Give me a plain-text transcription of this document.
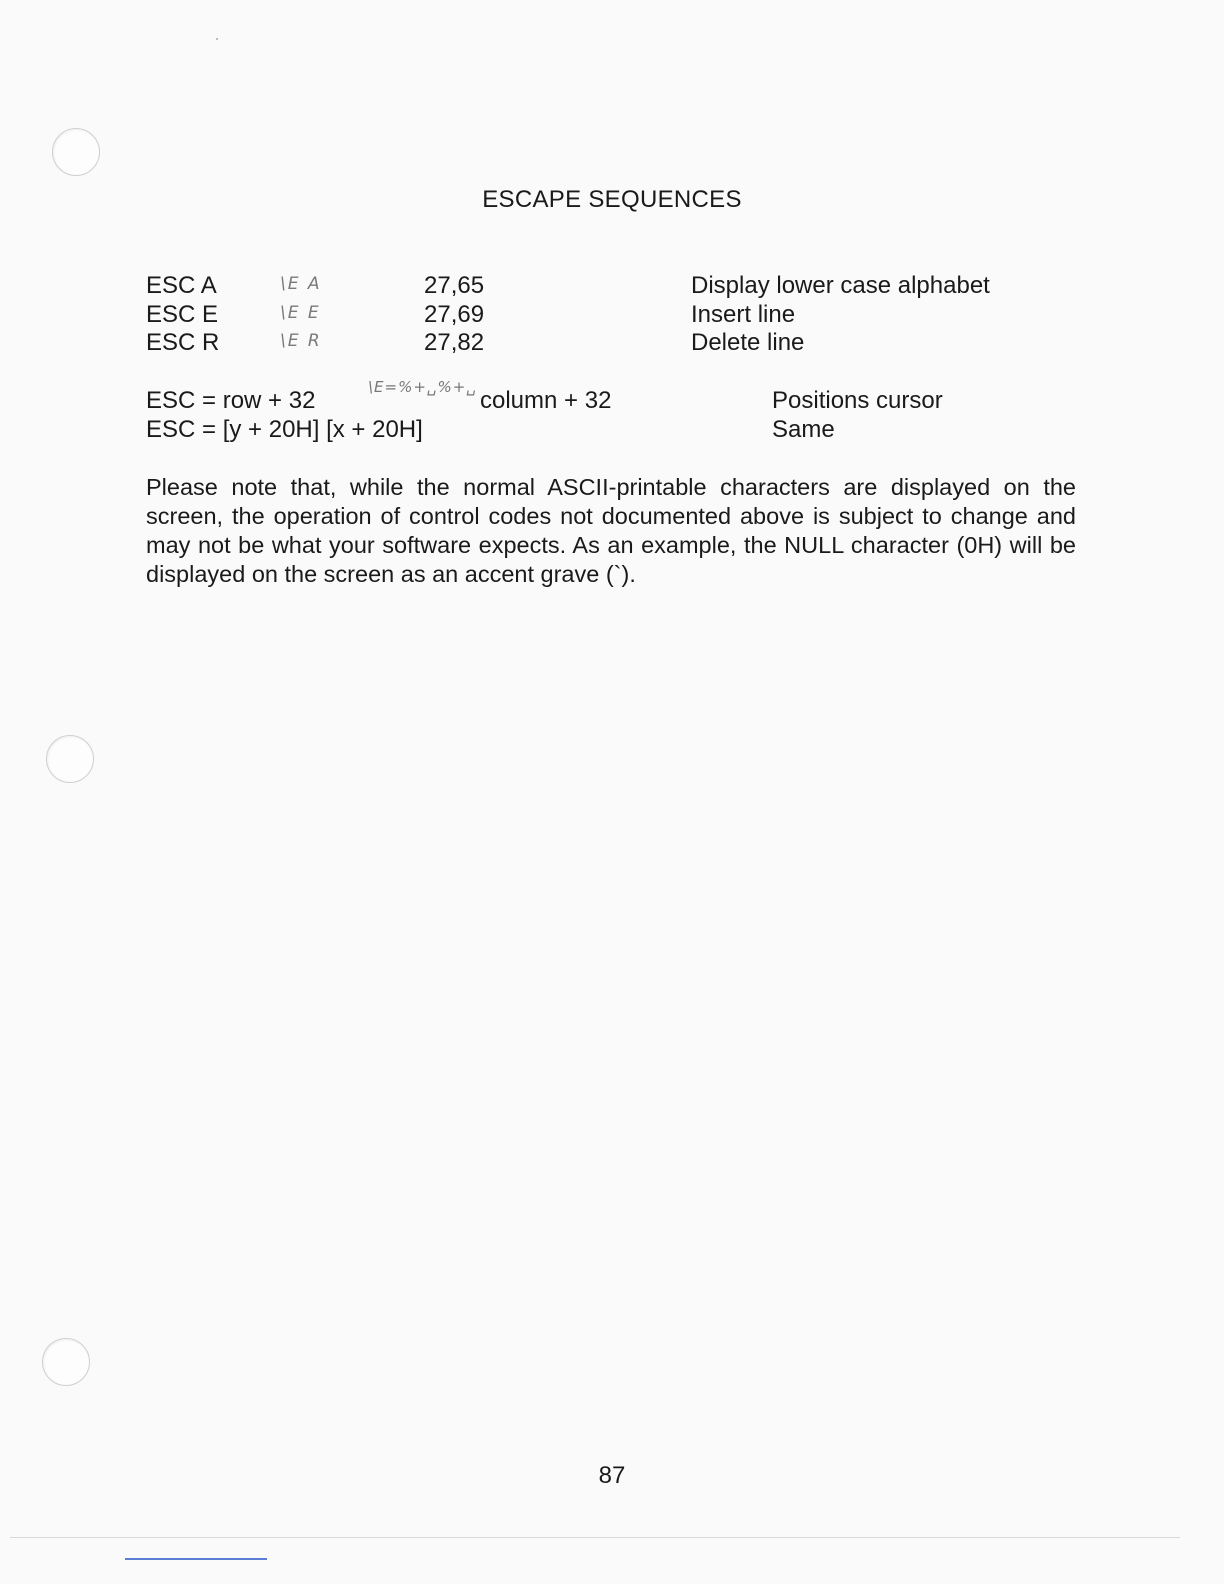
ESCAPE SEQUENCES
ESC A	\E A	27,65	Display lower case alphabet
ESC E	\E E	27,69	Insert line
ESC R	\E R	27,82	Delete line
ESC = row + 32	\E=%+␣%+␣ column + 32	Positions cursor
ESC = [y + 20H] [x + 20H]	Same
Please note that, while the normal ASCII-printable characters are displayed on the screen, the operation of control codes not documented above is subject to change and may not be what your software expects. As an example, the NULL character (0H) will be displayed on the screen as an accent grave (`).
87
